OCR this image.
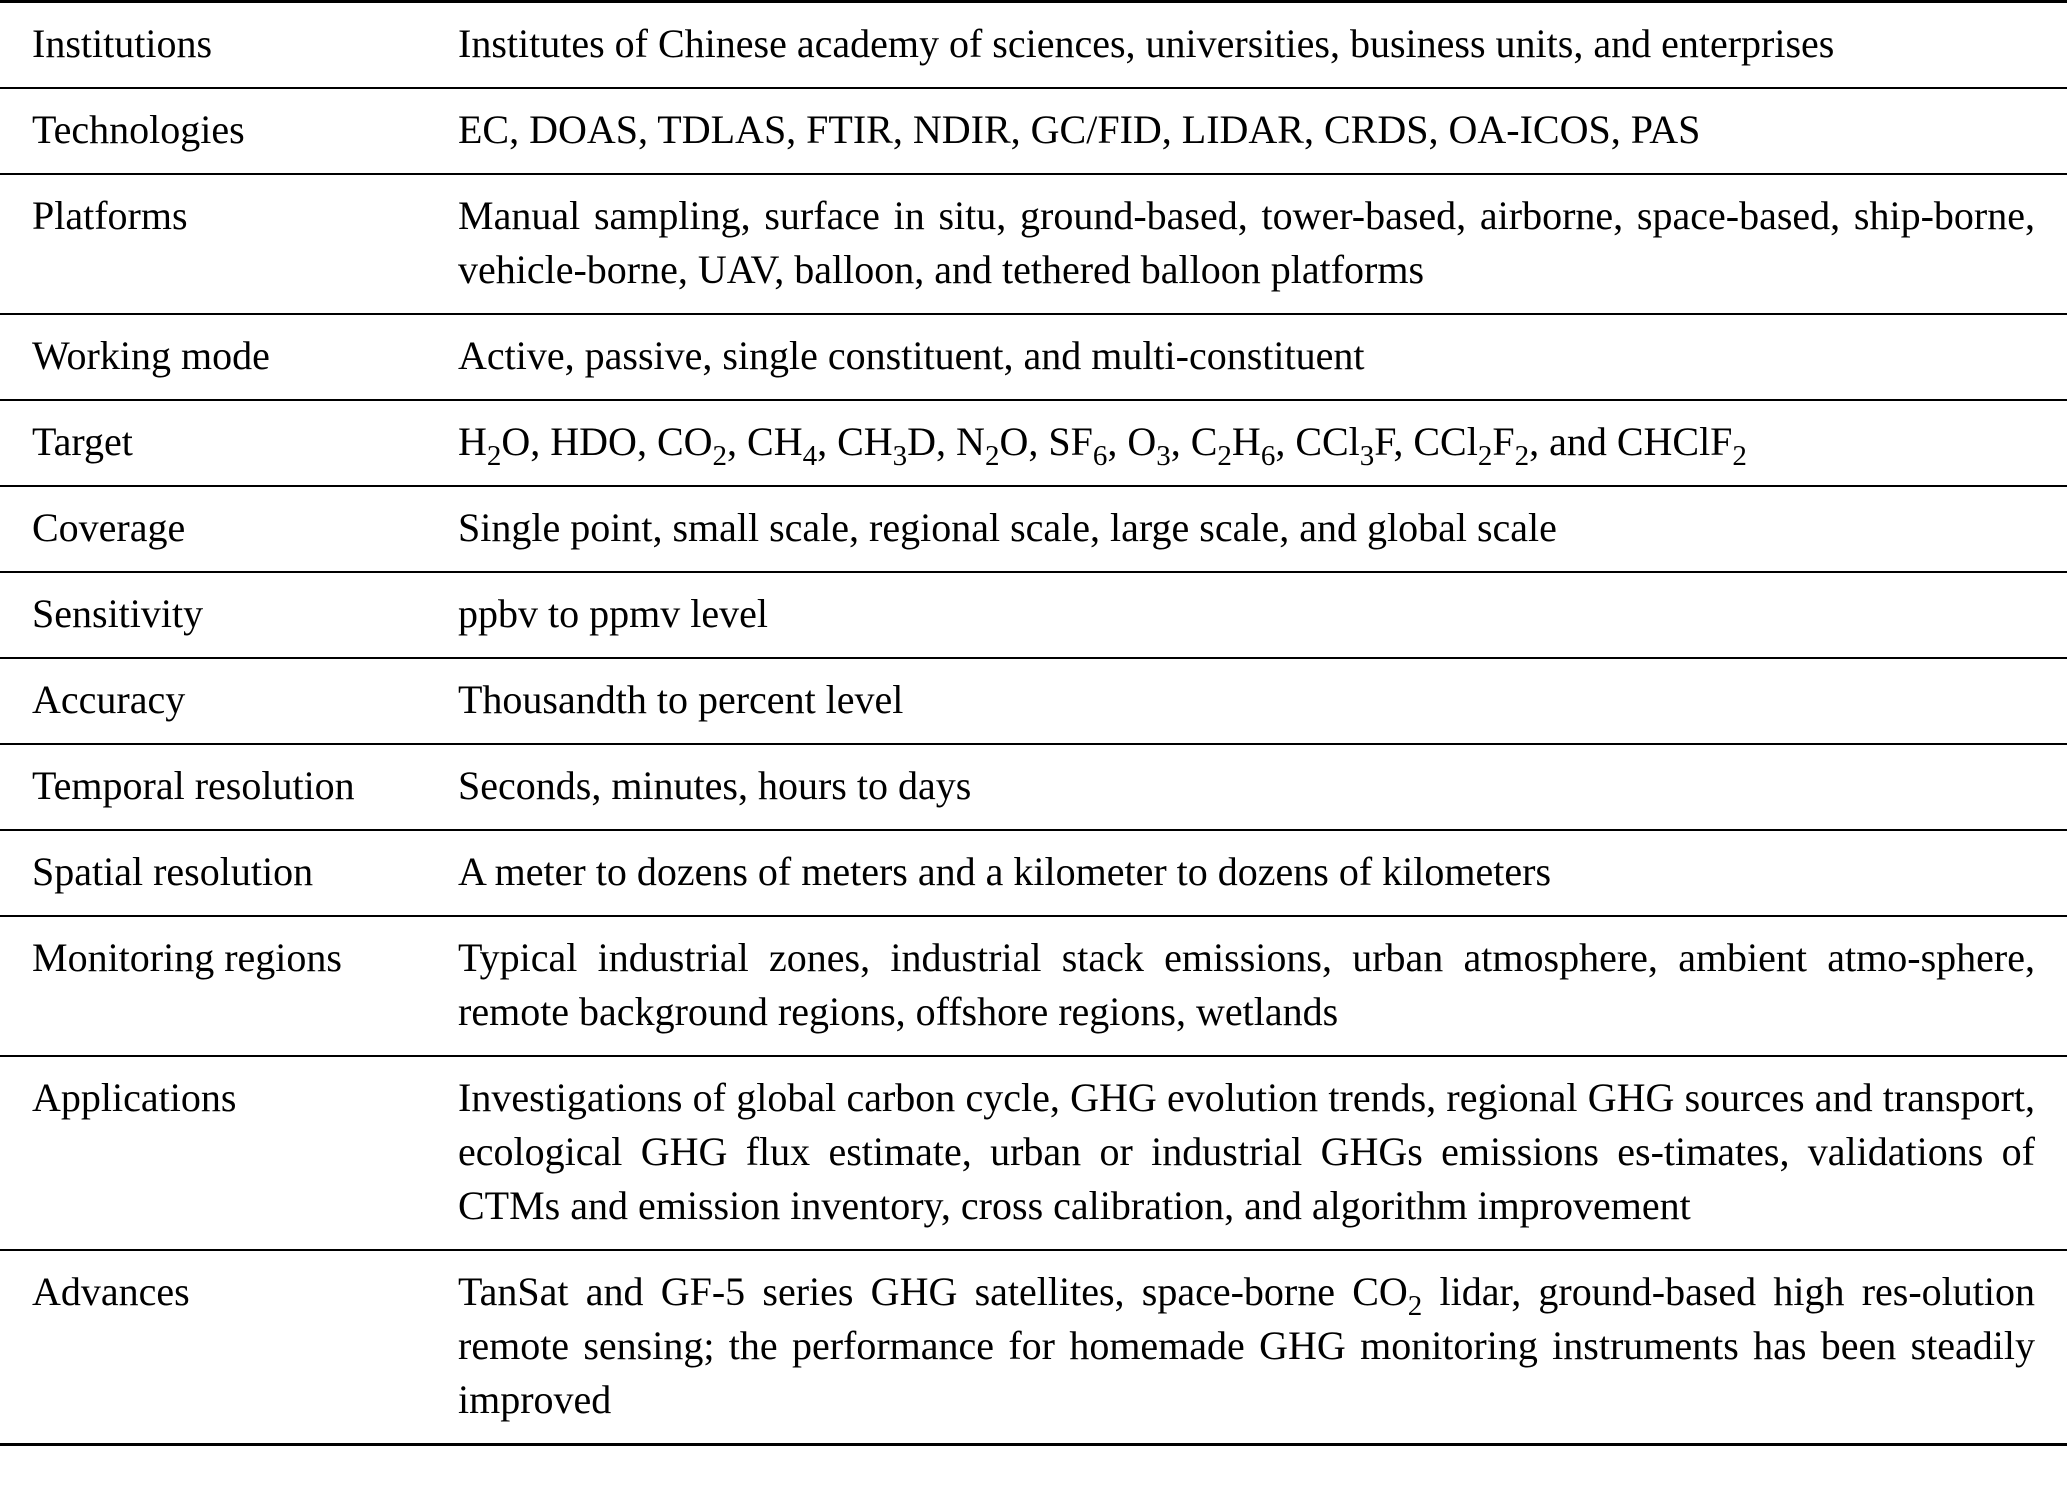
Institutions	Institutes of Chinese academy of sciences, universities, business units, and enterprises
Technologies	EC, DOAS, TDLAS, FTIR, NDIR, GC/FID, LIDAR, CRDS, OA-ICOS, PAS
Platforms	Manual sampling, surface in situ, ground-based, tower-based, airborne, space-based, ship-borne, vehicle-borne, UAV, balloon, and tethered balloon platforms
Working mode	Active, passive, single constituent, and multi-constituent
Target	$H_2O$, HDO, $CO_2$, $CH_4$, $CH_3D$, $N_2O$, $SF_6$, $O_3$, $C_2H_6$, CCl$_3$F, $CCl_2F_2$, and CHClF$_2$
Coverage	Single point, small scale, regional scale, large scale, and global scale
Sensitivity	ppbv to ppmv level
Accuracy	Thousandth to percent level
Temporal resolution	Seconds, minutes, hours to days
Spatial resolution	A meter to dozens of meters and a kilometer to dozens of kilometers
Monitoring regions	Typical industrial zones, industrial stack emissions, urban atmosphere, ambient atmo-sphere, remote background regions, offshore regions, wetlands
Applications	Investigations of global carbon cycle, GHG evolution trends, regional GHG sources and transport, ecological GHG flux estimate, urban or industrial GHGs emissions es-timates, validations of CTMs and emission inventory, cross calibration, and algorithm improvement
Advances	TanSat and GF-5 series GHG satellites, space-borne $CO_2$ lidar, ground-based high res-olution remote sensing; the performance for homemade GHG monitoring instruments has been steadily improved
